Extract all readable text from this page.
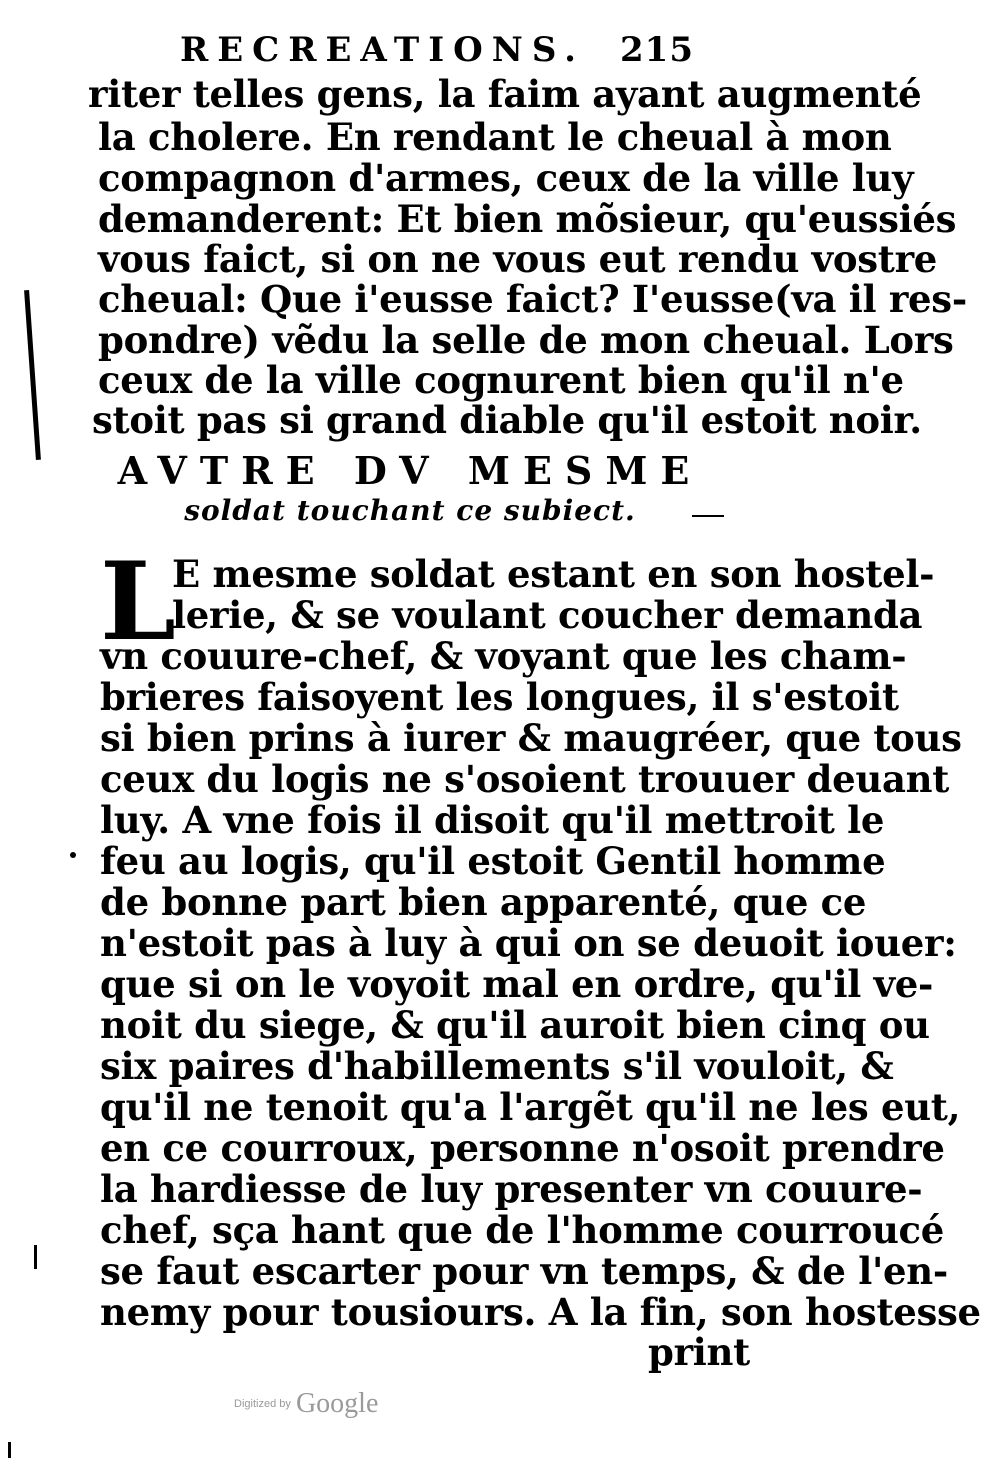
RECREATIONS. 215
riter telles gens, la faim ayant augmenté
la cholere. En rendant le cheual à mon
compagnon d'armes, ceux de la ville luy
demanderent: Et bien mõsieur, qu'eussiés
vous faict, si on ne vous eut rendu vostre
cheual: Que i'eusse faict? I'eusse(va il res-
pondre) vẽdu la selle de mon cheual. Lors
ceux de la ville cognurent bien qu'il n'e
stoit pas si grand diable qu'il estoit noir.
AVTRE DV MESME
soldat touchant ce subiect.
L
E mesme soldat estant en son hostel-
lerie, & se voulant coucher demanda
vn couure-chef, & voyant que les cham-
brieres faisoyent les longues, il s'estoit
si bien prins à iurer & maugréer, que tous
ceux du logis ne s'osoient trouuer deuant
luy. A vne fois il disoit qu'il mettroit le
feu au logis, qu'il estoit Gentil homme
de bonne part bien apparenté, que ce
n'estoit pas à luy à qui on se deuoit iouer:
que si on le voyoit mal en ordre, qu'il ve-
noit du siege, & qu'il auroit bien cinq ou
six paires d'habillements s'il vouloit, &
qu'il ne tenoit qu'a l'argẽt qu'il ne les eut,
en ce courroux, personne n'osoit prendre
la hardiesse de luy presenter vn couure-
chef, sça hant que de l'homme courroucé
se faut escarter pour vn temps, & de l'en-
nemy pour tousiours. A la fin, son hostesse
print
Digitized by Google
